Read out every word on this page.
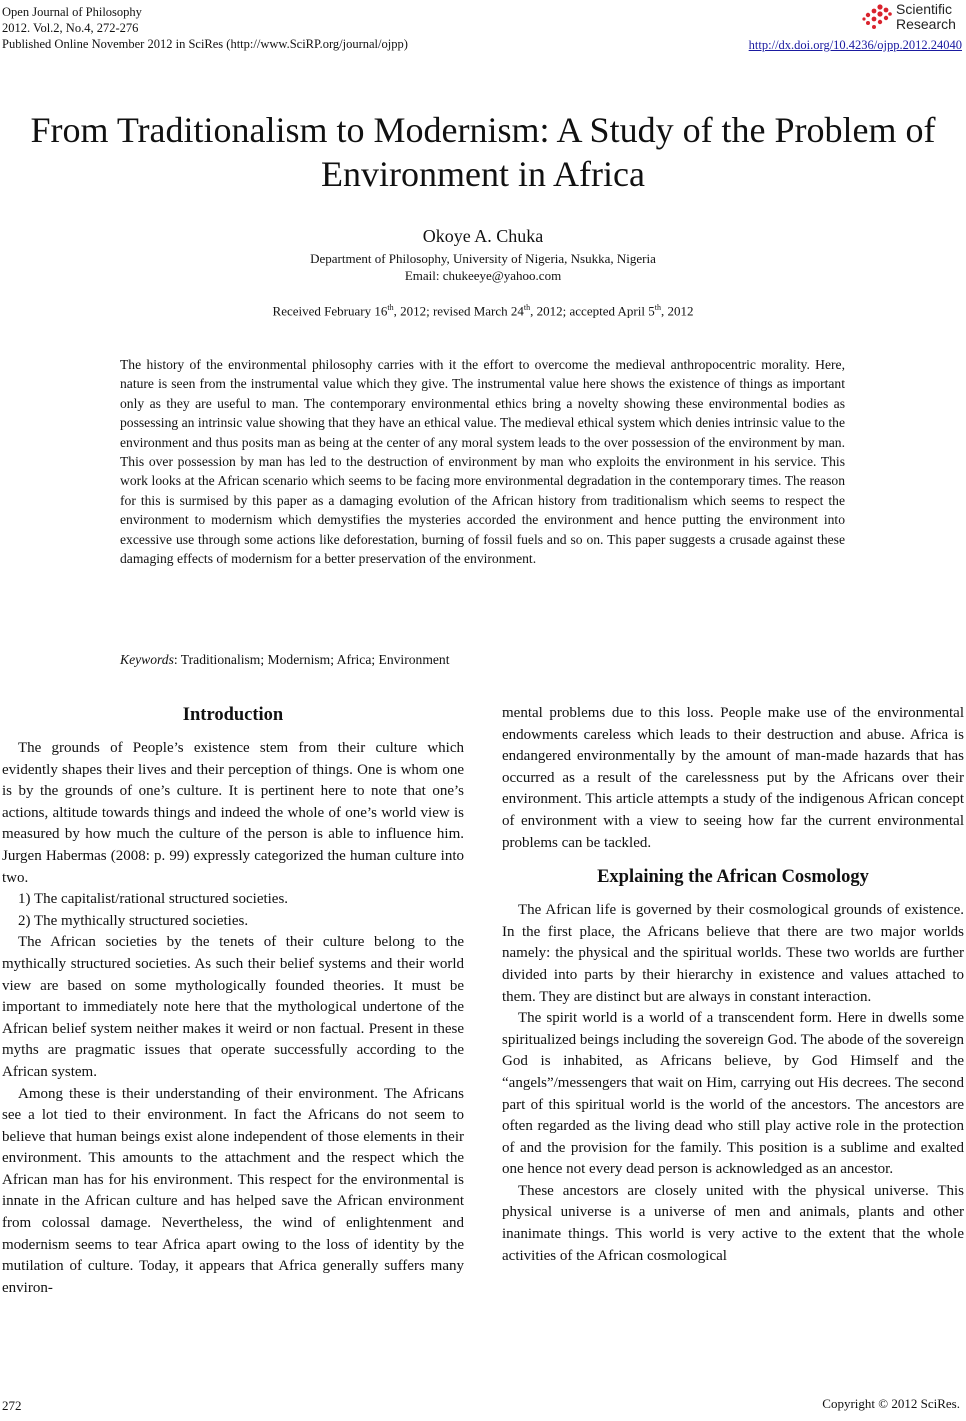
Open Journal of Philosophy
2012. Vol.2, No.4, 272-276
Published Online November 2012 in SciRes (http://www.SciRP.org/journal/ojpp)
Scientific
Research
http://dx.doi.org/10.4236/ojpp.2012.24040
From Traditionalism to Modernism: A Study of the Problem of
Environment in Africa
Okoye A. Chuka
Department of Philosophy, University of Nigeria, Nsukka, Nigeria
Email: chukeeye@yahoo.com
Received February 16th, 2012; revised March 24th, 2012; accepted April 5th, 2012

The history of the environmental philosophy carries with it the effort to overcome the medieval anthropocentric morality. Here, nature is seen from the instrumental value which they give. The instrumental value here shows the existence of things as important only as they are useful to man. The contemporary environmental ethics bring a novelty showing these environmental bodies as possessing an intrinsic value showing that they have an ethical value. The medieval ethical system which denies intrinsic value to the environment and thus posits man as being at the center of any moral system leads to the over possession of the environment by man. This over possession by man has led to the destruction of environment by man who exploits the environment in his service. This work looks at the African scenario which seems to be facing more environmental degradation in the contemporary times. The reason for this is surmised by this paper as a damaging evolution of the African history from traditionalism which seems to respect the environment to modernism which demystifies the mysteries accorded the environment and hence putting the environment into excessive use through some actions like deforestation, burning of fossil fuels and so on. This paper suggests a crusade against these damaging effects of modernism for a better preservation of the environment.

Keywords: Traditionalism; Modernism; Africa; Environment
Introduction

The grounds of People’s existence stem from their culture which evidently shapes their lives and their perception of things. One is whom one is by the grounds of one’s culture. It is pertinent here to note that one’s actions, altitude towards things and indeed the whole of one’s world view is measured by how much the culture of the person is able to influence him. Jurgen Habermas (2008: p. 99) expressly categorized the human culture into two.

1) The capitalist/rational structured societies.
2) The mythically structured societies.

The African societies by the tenets of their culture belong to the mythically structured societies. As such their belief systems and their world view are based on some mythologically founded theories. It must be important to immediately note here that the mythological undertone of the African belief system neither makes it weird or non factual. Present in these myths are pragmatic issues that operate successfully according to the African system.

Among these is their understanding of their environment. The Africans see a lot tied to their environment. In fact the Africans do not seem to believe that human beings exist alone independent of those elements in their environment. This amounts to the attachment and the respect which the African man has for his environment. This respect for the environmental is innate in the African culture and has helped save the African environment from colossal damage. Nevertheless, the wind of enlightenment and modernism seems to tear Africa apart owing to the loss of identity by the mutilation of culture. Today, it appears that Africa generally suffers many environ-

mental problems due to this loss. People make use of the environmental endowments careless which leads to their destruction and abuse. Africa is endangered environmentally by the amount of man-made hazards that has occurred as a result of the carelessness put by the Africans over their environment. This article attempts a study of the indigenous African concept of environment with a view to seeing how far the current environmental problems can be tackled.

Explaining the African Cosmology

The African life is governed by their cosmological grounds of existence. In the first place, the Africans believe that there are two major worlds namely: the physical and the spiritual worlds. These two worlds are further divided into parts by their hierarchy in existence and values attached to them. They are distinct but are always in constant interaction.

The spirit world is a world of a transcendent form. Here in dwells some spiritualized beings including the sovereign God. The abode of the sovereign God is inhabited, as Africans believe, by God Himself and the “angels”/messengers that wait on Him, carrying out His decrees. The second part of this spiritual world is the world of the ancestors. The ancestors are often regarded as the living dead who still play active role in the protection of and the provision for the family. This position is a sublime and exalted one hence not every dead person is acknowledged as an ancestor.

These ancestors are closely united with the physical universe. This physical universe is a universe of men and animals, plants and other inanimate things. This world is very active to the extent that the whole activities of the African cosmological

272	Copyright © 2012 SciRes.
